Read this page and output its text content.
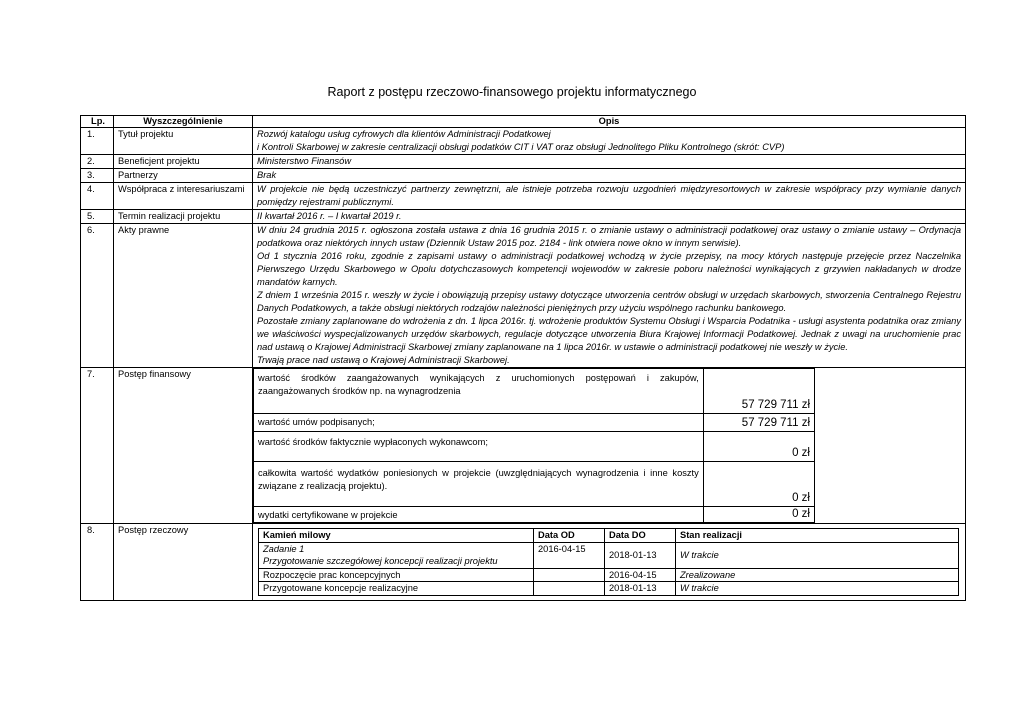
Raport z postępu rzeczowo-finansowego projektu informatycznego
Lp.	Wyszczególnienie	Opis
1.	Tytuł projektu	Rozwój katalogu usług cyfrowych dla klientów Administracji Podatkowej

i Kontroli Skarbowej w zakresie centralizacji obsługi podatków CIT i VAT oraz obsługi Jednolitego Pliku Kontrolnego (skrót: CVP)

2.	Beneficjent projektu	Ministerstwo Finansów

3.	Partnerzy	Brak

4.	Współpraca z interesariuszami	W projekcie nie będą uczestniczyć partnerzy zewnętrzni, ale istnieje potrzeba rozwoju uzgodnień międzyresortowych w zakresie współpracy przy wymianie danych pomiędzy rejestrami publicznymi.

5.	Termin realizacji projektu	II kwartał 2016 r. – I kwartał 2019 r.

6.	Akty prawne	W dniu 24 grudnia 2015 r. ogłoszona została ustawa z dnia 16 grudnia 2015 r. o zmianie ustawy o administracji podatkowej oraz ustawy o zmianie ustawy – Ordynacja podatkowa oraz niektórych innych ustaw (Dziennik Ustaw 2015 poz. 2184 - link otwiera nowe okno w innym serwisie).

Od 1 stycznia 2016 roku, zgodnie z zapisami ustawy o administracji podatkowej wchodzą w życie przepisy, na mocy których następuje przejęcie przez Naczelnika Pierwszego Urzędu Skarbowego w Opolu dotychczasowych kompetencji wojewodów w zakresie poboru należności wynikających z grzywien nakładanych w drodze mandatów karnych.

Z dniem 1 września 2015 r. weszły w życie i obowiązują przepisy ustawy dotyczące utworzenia centrów obsługi w urzędach skarbowych, stworzenia Centralnego Rejestru Danych Podatkowych, a także obsługi niektórych rodzajów należności pieniężnych przy użyciu wspólnego rachunku bankowego.

Pozostałe zmiany zaplanowane do wdrożenia z dn. 1 lipca 2016r. tj. wdrożenie produktów Systemu Obsługi i Wsparcia Podatnika - usługi asystenta podatnika oraz zmiany we właściwości wyspecjalizowanych urzędów skarbowych, regulacje dotyczące utworzenia Biura Krajowej Informacji Podatkowej. Jednak z uwagi na uruchomienie prac nad ustawą o Krajowej Administracji Skarbowej zmiany zaplanowane na 1 lipca 2016r. w ustawie o administracji podatkowej nie weszły w życie.

Trwają prace nad ustawą o Krajowej Administracji Skarbowej.

7.	Postęp finansowy		wartość środków zaangażowanych wynikających z uruchomionych postępowań i zakupów, zaangażowanych środków np. na wynagrodzenia	57 729 711 zł
wartość umów podpisanych;	57 729 711 zł
wartość środków faktycznie wypłaconych wykonawcom;	0 zł
całkowita wartość wydatków poniesionych w projekcie (uwzględniających wynagrodzenia i inne koszty związane z realizacją projektu).	0 zł
wydatki certyfikowane w projekcie	0 zł

8.	Postęp rzeczowy		Kamień milowy	Data OD	Data DO	Stan realizacji

Zadanie 1
Przygotowanie szczegółowej koncepcji realizacji projektu
	2016-04-15	2018-01-13	W trakcie
Rozpoczęcie prac koncepcyjnych		2016-04-15	Zrealizowane
Przygotowane koncepcje realizacyjne		2018-01-13	W trakcie
